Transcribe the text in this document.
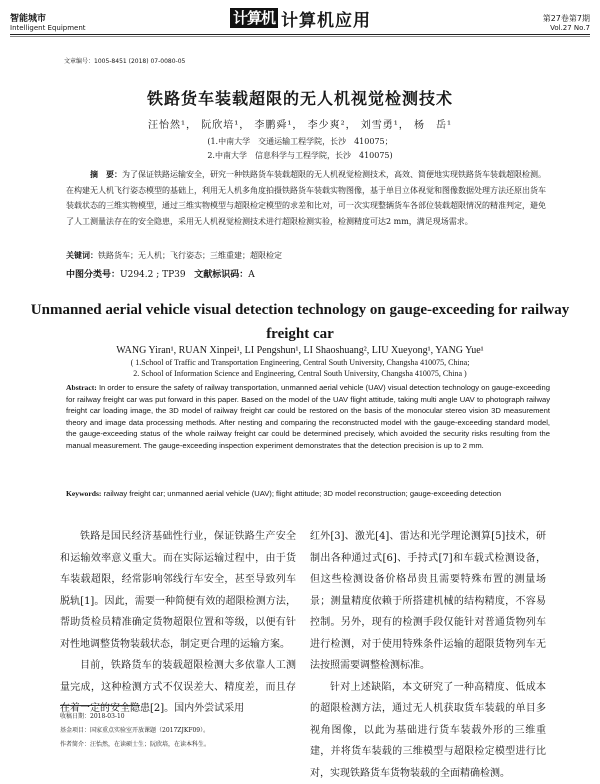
智能城市
Intelligent Equipment
计算机 计算机应用	第27卷第7期
Vol.27 No.7
文章编号：1005-8451 (2018) 07-0080-05
铁路货车装载超限的无人机视觉检测技术
汪怡然¹， 阮欣培¹， 李鹏舜¹， 李少爽²， 刘雪勇¹， 杨　岳¹
(1.中南大学　交通运输工程学院，长沙　410075；
2.中南大学　信息科学与工程学院，长沙　410075)
摘　要：为了保证铁路运输安全，研究一种铁路货车装载超限的无人机视觉检测技术，高效、简便地实现铁路货车装载超限检测。在构建无人机飞行姿态模型的基础上，利用无人机多角度拍摄铁路货车装载实物图像，基于单目立体视觉和图像数据处理方法还原出货车装载状态的三维实物模型，通过三维实物模型与超限检定模型的求差和比对，可一次实现整辆货车各部位装载超限情况的精准判定，避免了人工测量法存在的安全隐患，采用无人机视觉检测技术进行超限检测实验，检测精度可达2 mm，满足现场需求。
关键词：铁路货车；无人机；飞行姿态；三维重建；超限检定
中图分类号：U294.2 ; TP39 文献标识码：A
Unmanned aerial vehicle visual detection technology on gauge-exceeding for railway freight car
WANG Yiran¹, RUAN Xinpei¹, LI Pengshun¹, LI Shaoshuang², LIU Xueyong¹, YANG Yue¹
( 1.School of Traffic and Transportation Engineering, Central South University, Changsha 410075, China;
2. School of Information Science and Engineering, Central South University, Changsha 410075, China )
Abstract: In order to ensure the safety of railway transportation, unmanned aerial vehicle (UAV) visual detection technology on gauge-exceeding for railway freight car was put forward in this paper. Based on the model of the UAV flight attitude, taking multi angle UAV to photograph railway freight car loading image, the 3D model of railway freight car could be restored on the basis of the monocular stereo vision 3D measurement theory and image data processing methods. After nesting and comparing the reconstructed model with the gauge-exceeding standard model, the gauge-exceeding status of the whole railway freight car could be determined precisely, which avoided the security risks resulting from the manual measurement. The gauge-exceeding inspection experiment demonstrates that the detection precision is up to 2 mm.
Keywords: railway freight car; unmanned aerial vehicle (UAV); flight attitude; 3D model reconstruction; gauge-exceeding detection

铁路是国民经济基础性行业，保证铁路生产安全和运输效率意义重大。而在实际运输过程中，由于货车装载超限，经常影响邻线行车安全，甚至导致列车脱轨[1]。因此，需要一种简便有效的超限检测方法，帮助货检员精准确定货物超限位置和等级，以便有针对性地调整货物装载状态，制定更合理的运输方案。

目前，铁路货车的装载超限检测大多依靠人工测量完成，这种检测方式不仅误差大、精度差，而且存在着一定的安全隐患[2]。国内外尝试采用

红外[3]、激光[4]、雷达和光学理论测算[5]技术，研制出各种通过式[6]、手持式[7]和车载式检测设备，但这些检测设备价格昂贵且需要特殊布置的测量场景；测量精度依赖于所搭建机械的结构精度，不容易控制。另外，现有的检测手段仅能针对普通货物列车进行检测，对于使用特殊条件运输的超限货物列车无法按照需要调整检测标准。

针对上述缺陷，本文研究了一种高精度、低成本的超限检测方法，通过无人机获取货车装载的单目多视角图像，以此为基础进行货车装载外形的三维重建，并将货车装载的三维模型与超限检定模型进行比对，实现铁路货车货物装载的全面精确检测。

收稿日期：2018-03-10
基金项目：国家重点实验室开放课题（2017ZJKF09）。
作者简介：汪怡然，在读硕士生；阮欣培，在读本科生。
